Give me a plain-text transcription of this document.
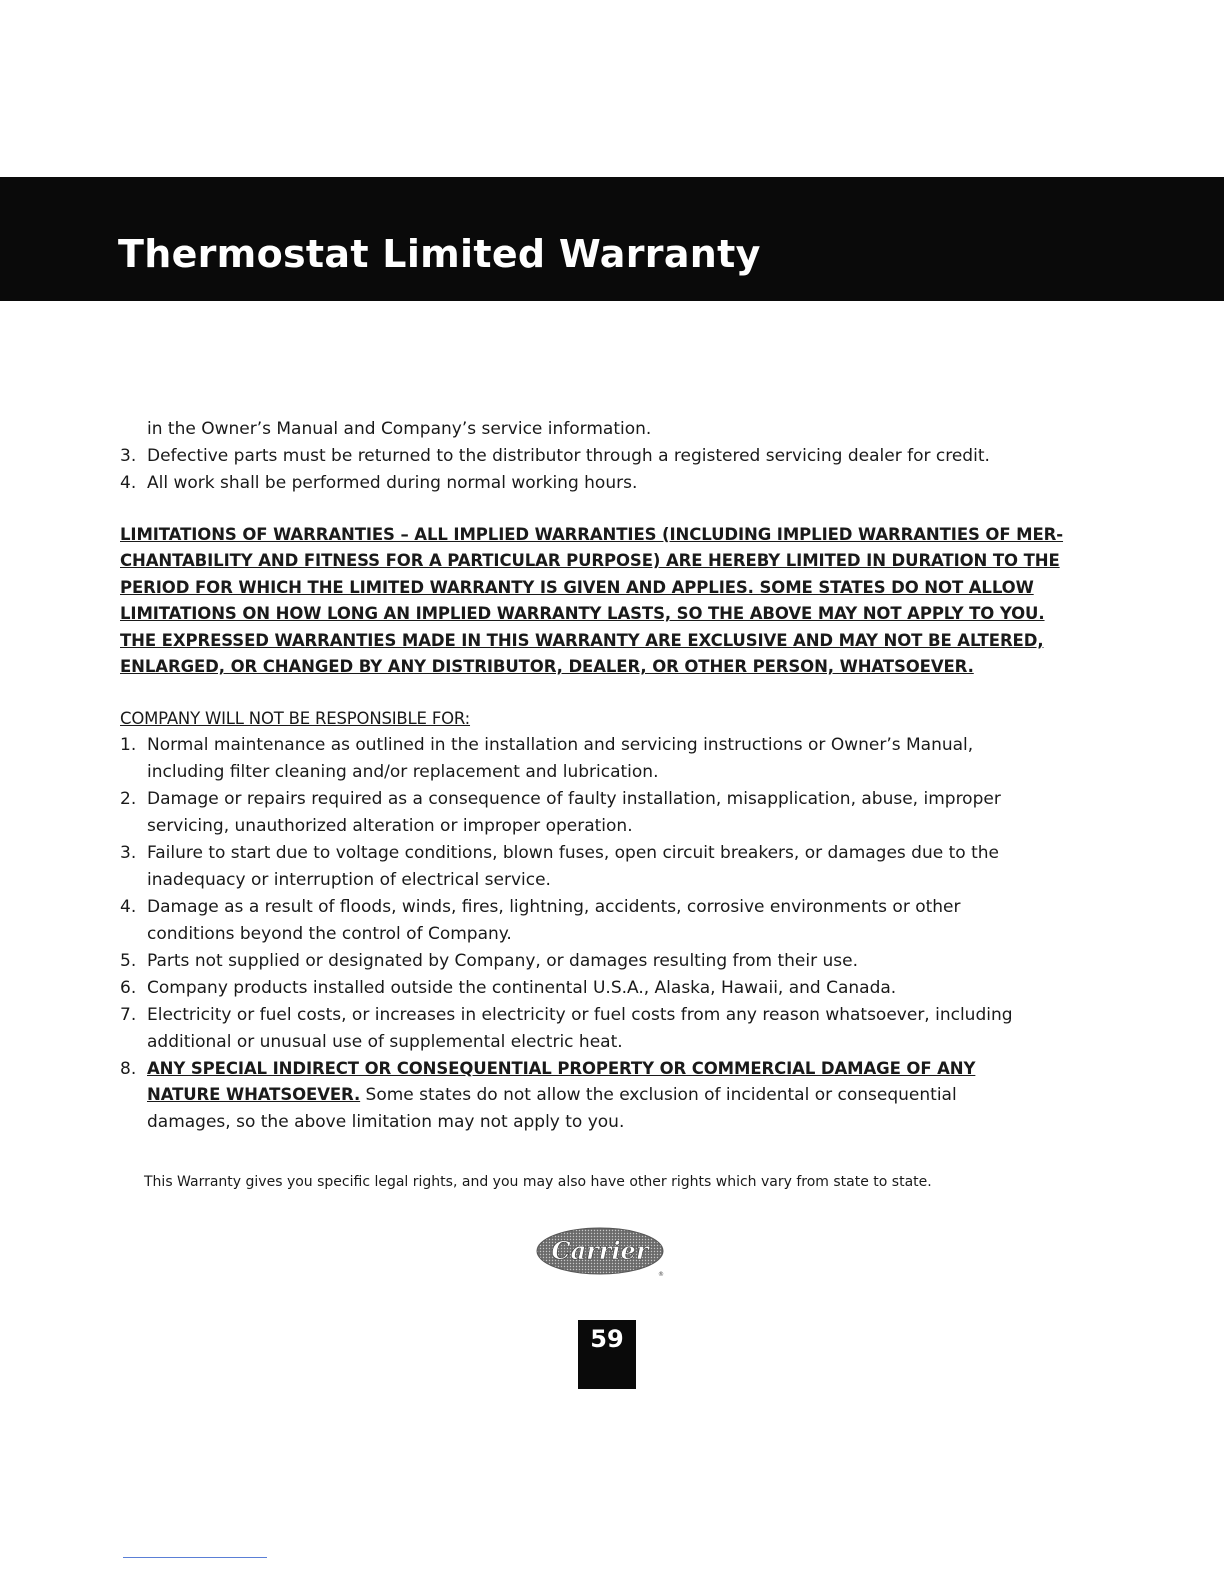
Thermostat Limited Warranty
in the Owner’s Manual and Company’s service information.
3. Defective parts must be returned to the distributor through a registered servicing dealer for credit.
4. All work shall be performed during normal working hours.
LIMITATIONS OF WARRANTIES – ALL IMPLIED WARRANTIES (INCLUDING IMPLIED WARRANTIES OF MER-
CHANTABILITY AND FITNESS FOR A PARTICULAR PURPOSE) ARE HEREBY LIMITED IN DURATION TO THE
PERIOD FOR WHICH THE LIMITED WARRANTY IS GIVEN AND APPLIES. SOME STATES DO NOT ALLOW
LIMITATIONS ON HOW LONG AN IMPLIED WARRANTY LASTS, SO THE ABOVE MAY NOT APPLY TO YOU.
THE EXPRESSED WARRANTIES MADE IN THIS WARRANTY ARE EXCLUSIVE AND MAY NOT BE ALTERED,
ENLARGED, OR CHANGED BY ANY DISTRIBUTOR, DEALER, OR OTHER PERSON, WHATSOEVER.
COMPANY WILL NOT BE RESPONSIBLE FOR:
1. Normal maintenance as outlined in the installation and servicing instructions or Owner’s Manual,
including filter cleaning and/or replacement and lubrication.
2. Damage or repairs required as a consequence of faulty installation, misapplication, abuse, improper
servicing, unauthorized alteration or improper operation.
3. Failure to start due to voltage conditions, blown fuses, open circuit breakers, or damages due to the
inadequacy or interruption of electrical service.
4. Damage as a result of floods, winds, fires, lightning, accidents, corrosive environments or other
conditions beyond the control of Company.
5. Parts not supplied or designated by Company, or damages resulting from their use.
6. Company products installed outside the continental U.S.A., Alaska, Hawaii, and Canada.
7. Electricity or fuel costs, or increases in electricity or fuel costs from any reason whatsoever, including
additional or unusual use of supplemental electric heat.
8. ANY SPECIAL INDIRECT OR CONSEQUENTIAL PROPERTY OR COMMERCIAL DAMAGE OF ANY
NATURE WHATSOEVER. Some states do not allow the exclusion of incidental or consequential
damages, so the above limitation may not apply to you.
This Warranty gives you specific legal rights, and you may also have other rights which vary from state to state.
Carrier
®
59
